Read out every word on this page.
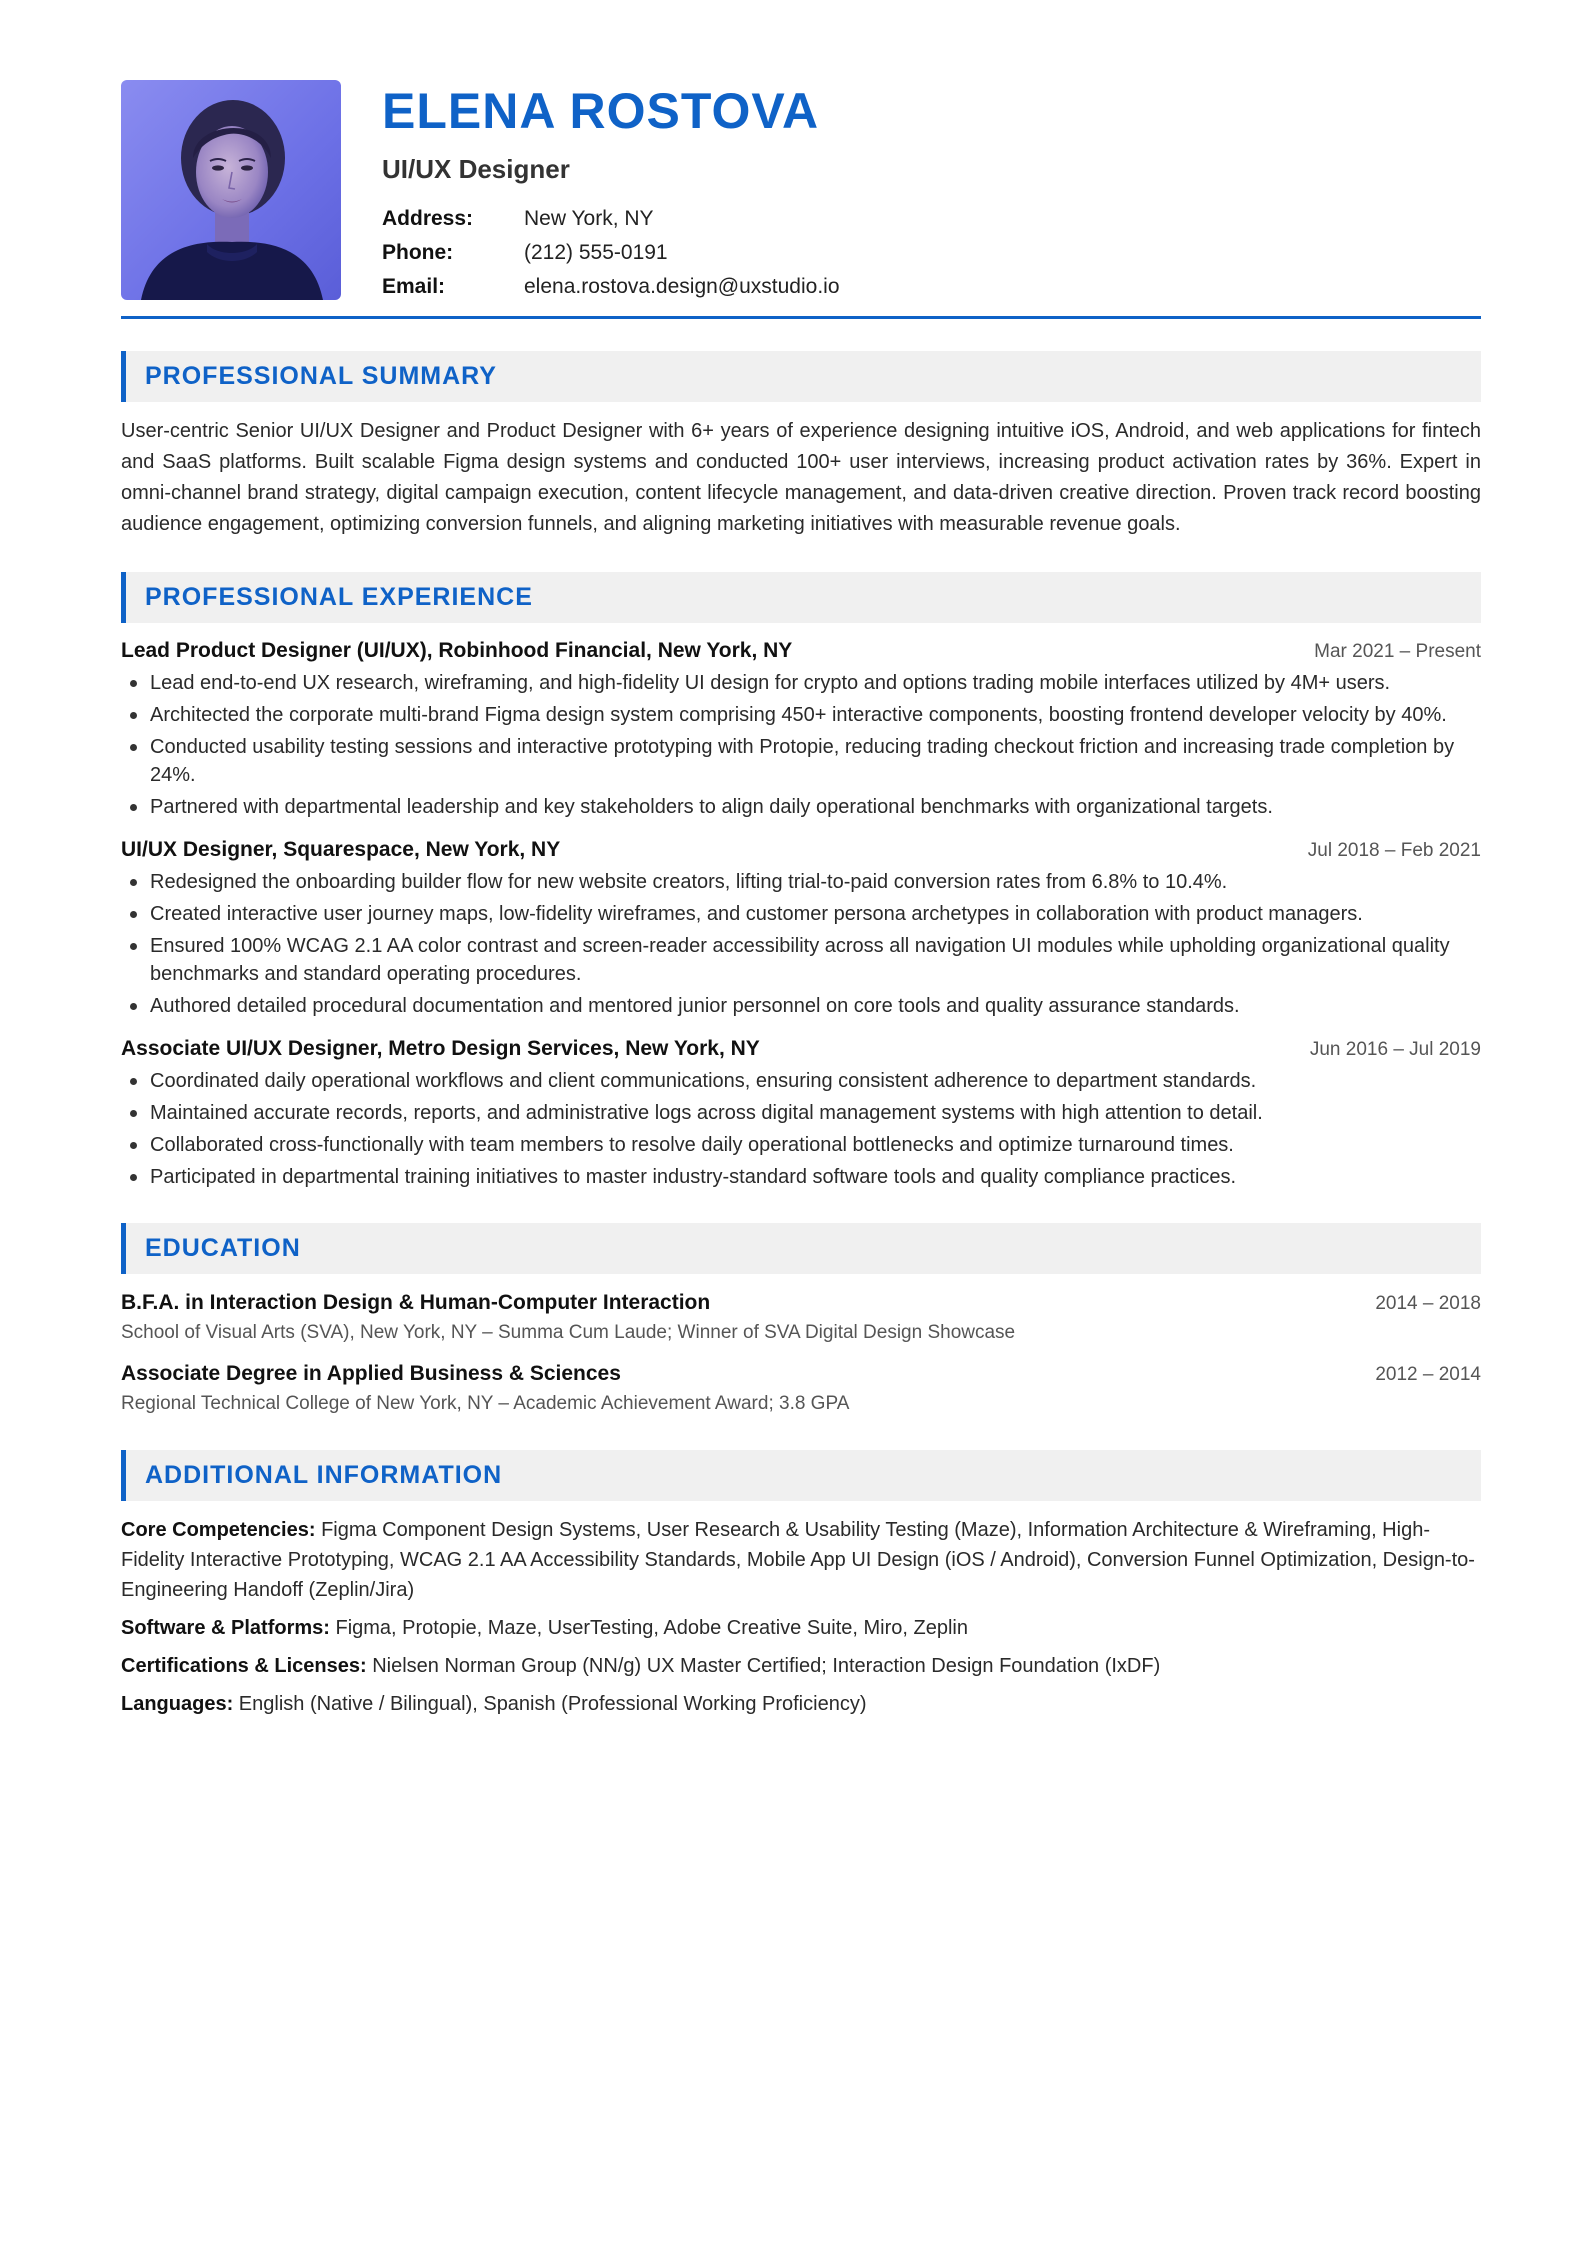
ELENA ROSTOVA
UI/UX Designer
Address:	New York, NY
Phone:	(212) 555-0191
Email:	elena.rostova.design@uxstudio.io
PROFESSIONAL SUMMARY
User-centric Senior UI/UX Designer and Product Designer with 6+ years of experience designing intuitive iOS, Android, and web applications for fintech and SaaS platforms. Built scalable Figma design systems and conducted 100+ user interviews, increasing product activation rates by 36%. Expert in omni-channel brand strategy, digital campaign execution, content lifecycle management, and data-driven creative direction. Proven track record boosting audience engagement, optimizing conversion funnels, and aligning marketing initiatives with measurable revenue goals.
PROFESSIONAL EXPERIENCE
Lead Product Designer (UI/UX), Robinhood Financial, New York, NY	Mar 2021 – Present
Lead end-to-end UX research, wireframing, and high-fidelity UI design for crypto and options trading mobile interfaces utilized by 4M+ users.
Architected the corporate multi-brand Figma design system comprising 450+ interactive components, boosting frontend developer velocity by 40%.
Conducted usability testing sessions and interactive prototyping with Protopie, reducing trading checkout friction and increasing trade completion by 24%.
Partnered with departmental leadership and key stakeholders to align daily operational benchmarks with organizational targets.
UI/UX Designer, Squarespace, New York, NY	Jul 2018 – Feb 2021
Redesigned the onboarding builder flow for new website creators, lifting trial-to-paid conversion rates from 6.8% to 10.4%.
Created interactive user journey maps, low-fidelity wireframes, and customer persona archetypes in collaboration with product managers.
Ensured 100% WCAG 2.1 AA color contrast and screen-reader accessibility across all navigation UI modules while upholding organizational quality benchmarks and standard operating procedures.
Authored detailed procedural documentation and mentored junior personnel on core tools and quality assurance standards.
Associate UI/UX Designer, Metro Design Services, New York, NY	Jun 2016 – Jul 2019
Coordinated daily operational workflows and client communications, ensuring consistent adherence to department standards.
Maintained accurate records, reports, and administrative logs across digital management systems with high attention to detail.
Collaborated cross-functionally with team members to resolve daily operational bottlenecks and optimize turnaround times.
Participated in departmental training initiatives to master industry-standard software tools and quality compliance practices.
EDUCATION
B.F.A. in Interaction Design & Human-Computer Interaction	2014 – 2018
School of Visual Arts (SVA), New York, NY – Summa Cum Laude; Winner of SVA Digital Design Showcase
Associate Degree in Applied Business & Sciences	2012 – 2014
Regional Technical College of New York, NY – Academic Achievement Award; 3.8 GPA
ADDITIONAL INFORMATION
Core Competencies: Figma Component Design Systems, User Research & Usability Testing (Maze), Information Architecture & Wireframing, High-Fidelity Interactive Prototyping, WCAG 2.1 AA Accessibility Standards, Mobile App UI Design (iOS / Android), Conversion Funnel Optimization, Design-to-Engineering Handoff (Zeplin/Jira)
Software & Platforms: Figma, Protopie, Maze, UserTesting, Adobe Creative Suite, Miro, Zeplin
Certifications & Licenses: Nielsen Norman Group (NN/g) UX Master Certified; Interaction Design Foundation (IxDF)
Languages: English (Native / Bilingual), Spanish (Professional Working Proficiency)
